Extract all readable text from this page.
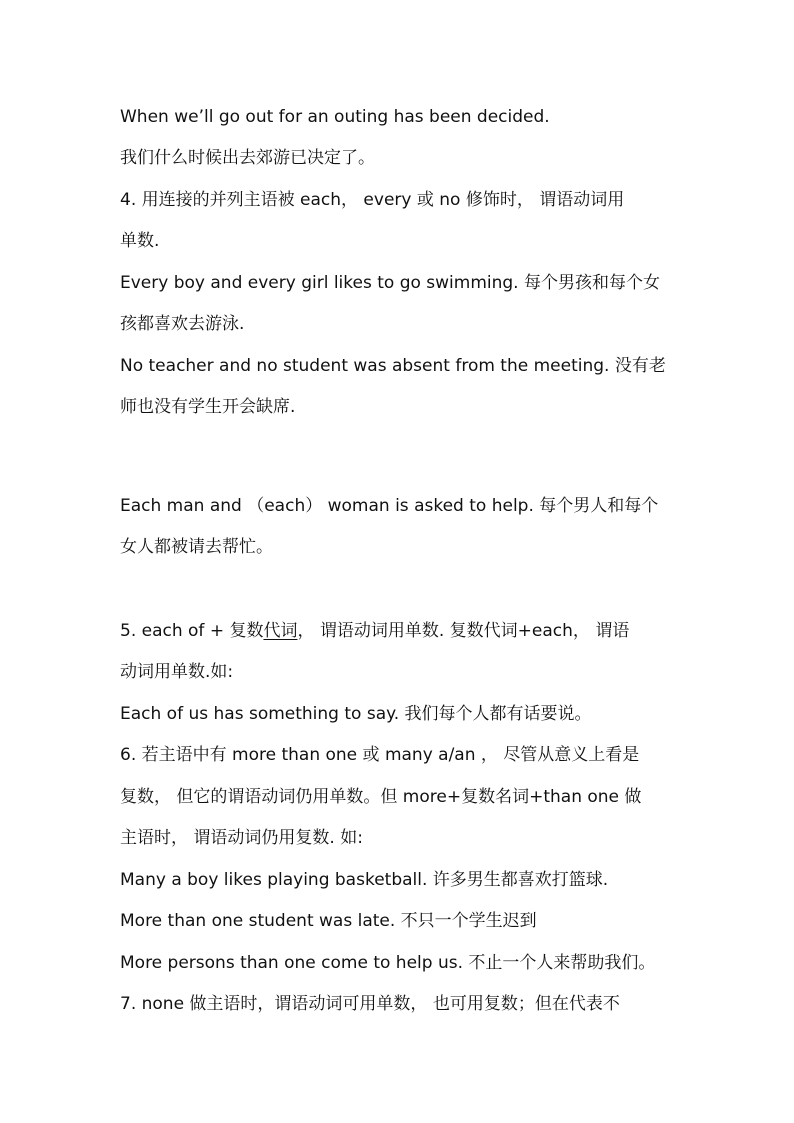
When we’ll go out for an outing has been decided.
我们什么时候出去郊游已决定了。
4. 用连接的并列主语被 each， every 或 no 修饰时， 谓语动词用
单数.
Every boy and every girl likes to go swimming. 每个男孩和每个女
孩都喜欢去游泳.
No teacher and no student was absent from the meeting. 没有老
师也没有学生开会缺席.
Each man and （each） woman is asked to help. 每个男人和每个
女人都被请去帮忙。
5. each of + 复数代词， 谓语动词用单数. 复数代词+each， 谓语
动词用单数.如:
Each of us has something to say. 我们每个人都有话要说。
6. 若主语中有 more than one 或 many a/an ， 尽管从意义上看是
复数， 但它的谓语动词仍用单数。但 more+复数名词+than one 做
主语时， 谓语动词仍用复数. 如:
Many a boy likes playing basketball. 许多男生都喜欢打篮球.
More than one student was late. 不只一个学生迟到
More persons than one come to help us. 不止一个人来帮助我们。
7. none 做主语时，谓语动词可用单数， 也可用复数；但在代表不
